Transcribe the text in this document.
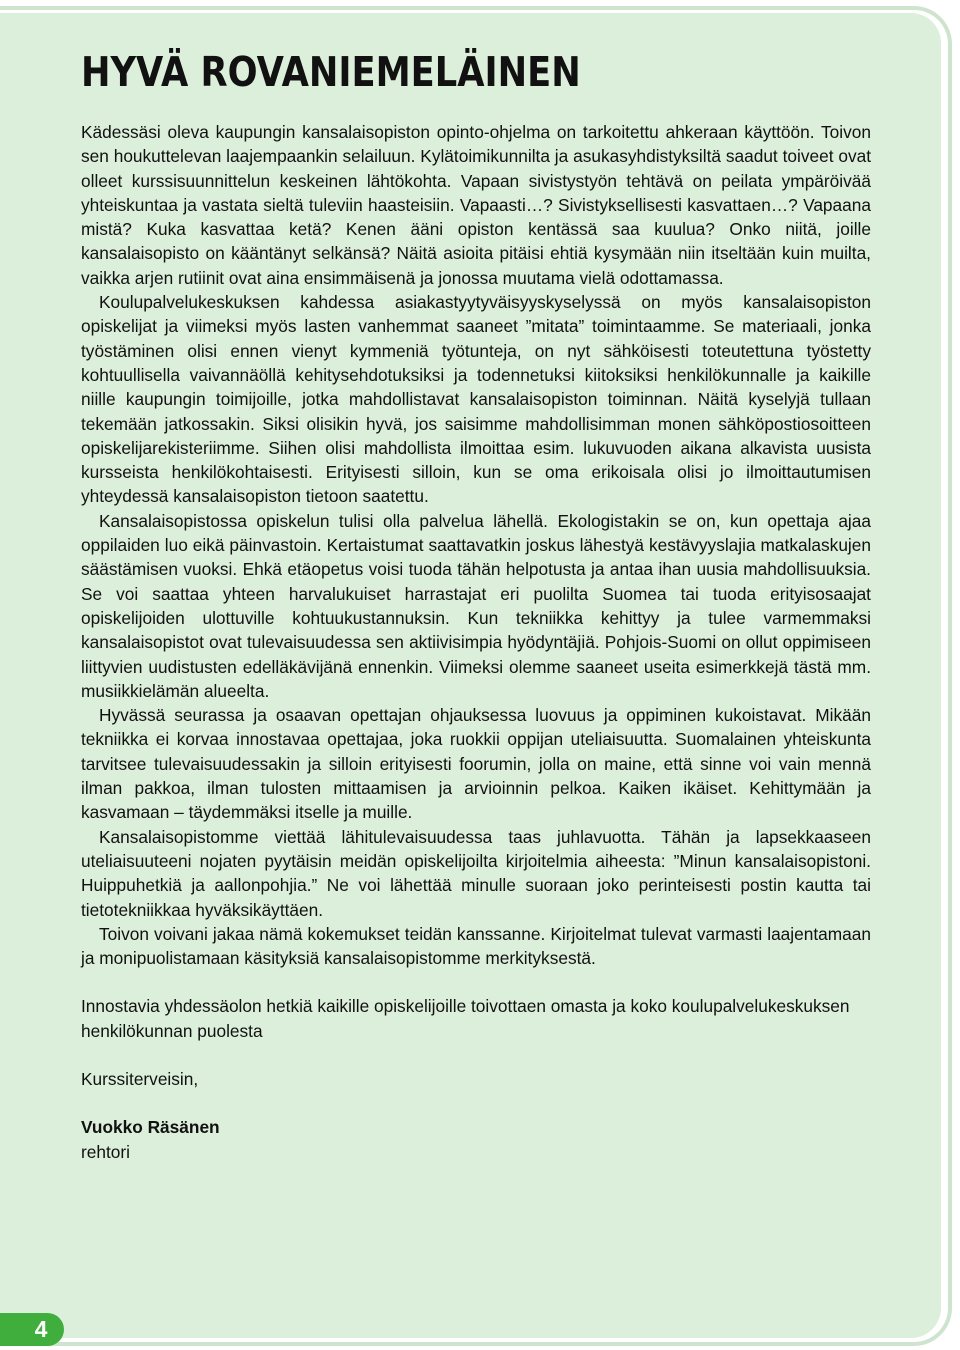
HYVÄ ROVANIEMELÄINEN

Kädessäsi oleva kaupungin kansalaisopiston opinto-ohjelma on tarkoitettu ahkeraan käyttöön. Toivon sen houkuttelevan laajempaankin selailuun. Kylätoimikunnilta ja asukasyhdistyksiltä saadut toiveet ovat olleet kurssisuunnittelun keskeinen lähtökohta. Vapaan sivistystyön tehtävä on peilata ympäröivää yhteiskuntaa ja vastata sieltä tuleviin haasteisiin. Vapaasti…? Sivistyksellisesti kasvattaen…? Vapaana mistä? Kuka kasvattaa ketä? Kenen ääni opiston kentässä saa kuulua? Onko niitä, joille kansalaisopisto on kääntänyt selkänsä? Näitä asioita pitäisi ehtiä kysymään niin itseltään kuin muilta, vaikka arjen rutiinit ovat aina ensimmäisenä ja jonossa muutama vielä odottamassa.

Koulupalvelukeskuksen kahdessa asiakastyytyväisyyskyselyssä on myös kansalaisopiston opiskelijat ja viimeksi myös lasten vanhemmat saaneet ”mitata” toimintaamme. Se materiaali, jonka työstäminen olisi ennen vienyt kymmeniä työtunteja, on nyt sähköisesti toteutettuna työstetty kohtuullisella vaivannäöllä kehitysehdotuksiksi ja todennetuksi kiitoksiksi henkilökunnalle ja kaikille niille kaupungin toimijoille, jotka mahdollistavat kansalaisopiston toiminnan. Näitä kyselyjä tullaan tekemään jatkossakin. Siksi olisikin hyvä, jos saisimme mahdollisimman monen sähköpostiosoitteen opiskelijarekisteriimme. Siihen olisi mahdollista ilmoittaa esim. lukuvuoden aikana alkavista uusista kursseista henkilökohtaisesti. Erityisesti silloin, kun se oma erikoisala olisi jo ilmoittautumisen yhteydessä kansalaisopiston tietoon saatettu.

Kansalaisopistossa opiskelun tulisi olla palvelua lähellä. Ekologistakin se on, kun opettaja ajaa oppilaiden luo eikä päinvastoin. Kertaistumat saattavatkin joskus lähestyä kestävyyslajia matkalaskujen säästämisen vuoksi. Ehkä etäopetus voisi tuoda tähän helpotusta ja antaa ihan uusia mahdollisuuksia. Se voi saattaa yhteen harvalukuiset harrastajat eri puolilta Suomea tai tuoda erityisosaajat opiskelijoiden ulottuville kohtuukustannuksin. Kun tekniikka kehittyy ja tulee varmemmaksi kansalaisopistot ovat tulevaisuudessa sen aktiivisimpia hyödyntäjiä. Pohjois-Suomi on ollut oppimiseen liittyvien uudistusten edelläkävijänä ennenkin. Viimeksi olemme saaneet useita esimerkkejä tästä mm. musiikkielämän alueelta.

Hyvässä seurassa ja osaavan opettajan ohjauksessa luovuus ja oppiminen kukoistavat. Mikään tekniikka ei korvaa innostavaa opettajaa, joka ruokkii oppijan uteliaisuutta. Suomalainen yhteiskunta tarvitsee tulevaisuudessakin ja silloin erityisesti foorumin, jolla on maine, että sinne voi vain mennä ilman pakkoa, ilman tulosten mittaamisen ja arvioinnin pelkoa. Kaiken ikäiset. Kehittymään ja kasvamaan – täydemmäksi itselle ja muille.

Kansalaisopistomme viettää lähitulevaisuudessa taas juhlavuotta. Tähän ja lapsekkaaseen uteliaisuuteeni nojaten pyytäisin meidän opiskelijoilta kirjoitelmia aiheesta: ”Minun kansalaisopistoni. Huippuhetkiä ja aallonpohjia.” Ne voi lähettää minulle suoraan joko perinteisesti postin kautta tai tietotekniikkaa hyväksikäyttäen.

Toivon voivani jakaa nämä kokemukset teidän kanssanne. Kirjoitelmat tulevat varmasti laajentamaan ja monipuolistamaan käsityksiä kansalaisopistomme merkityksestä.

Innostavia yhdessäolon hetkiä kaikille opiskelijoille toivottaen omasta ja koko koulupalvelukeskuksen henkilökunnan puolesta

Kurssiterveisin,

Vuokko Räsänen

rehtori

4
